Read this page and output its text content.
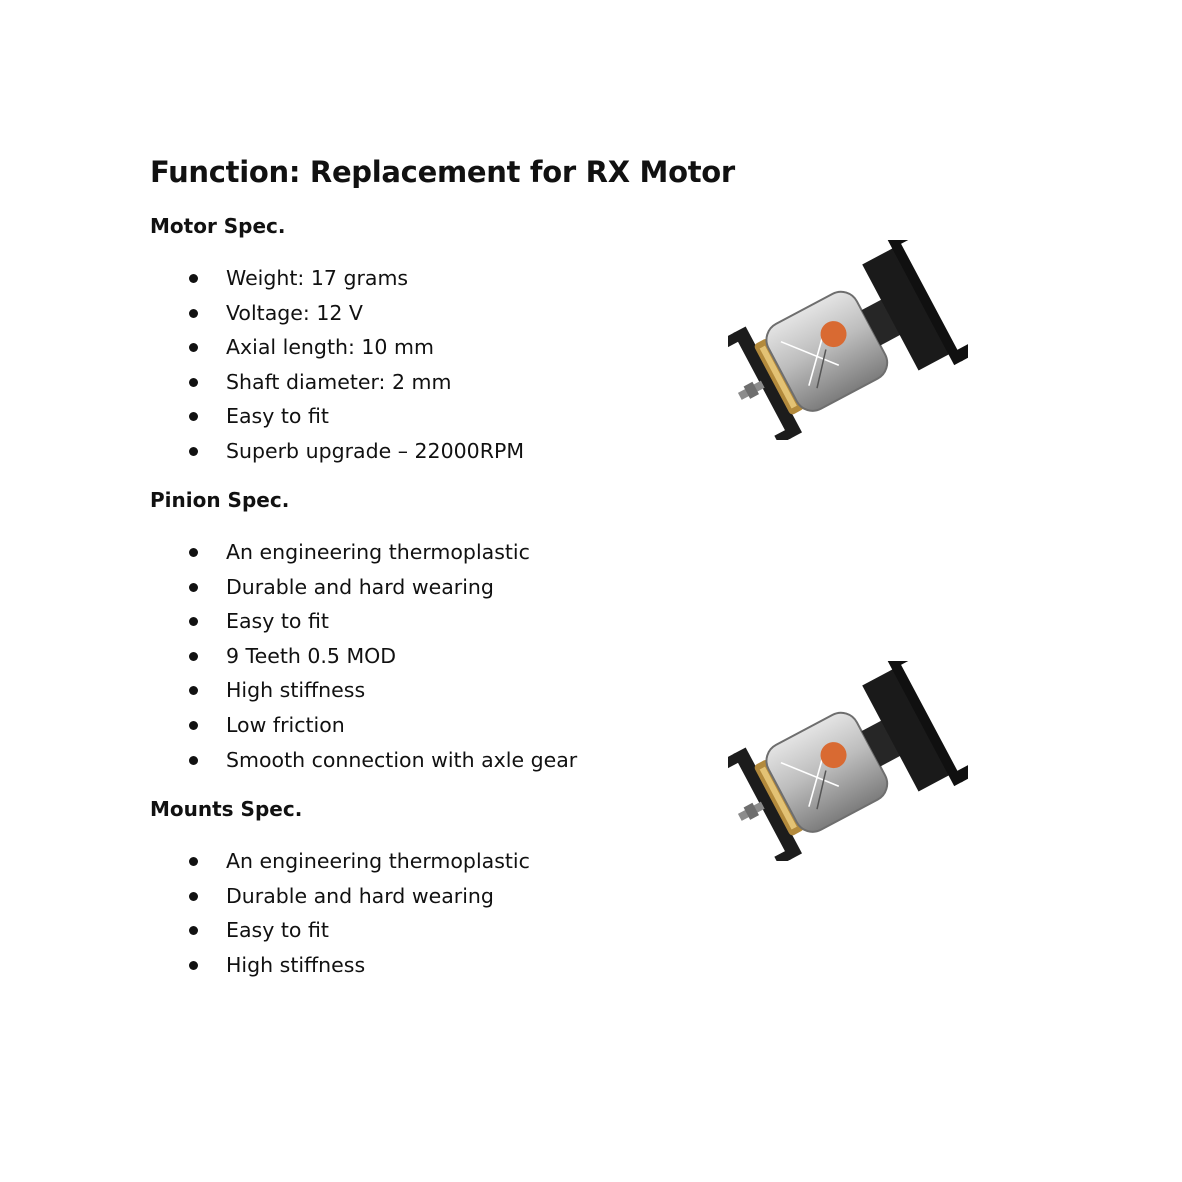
Function: Replacement for RX Motor
Motor Spec.
Weight: 17 grams
Voltage: 12 V
Axial length: 10 mm
Shaft diameter: 2 mm
Easy to fit
Superb upgrade – 22000RPM
Pinion Spec.
An engineering thermoplastic
Durable and hard wearing
Easy to fit
9 Teeth 0.5 MOD
High stiffness
Low friction
Smooth connection with axle gear
Mounts Spec.
An engineering thermoplastic
Durable and hard wearing
Easy to fit
High stiffness
